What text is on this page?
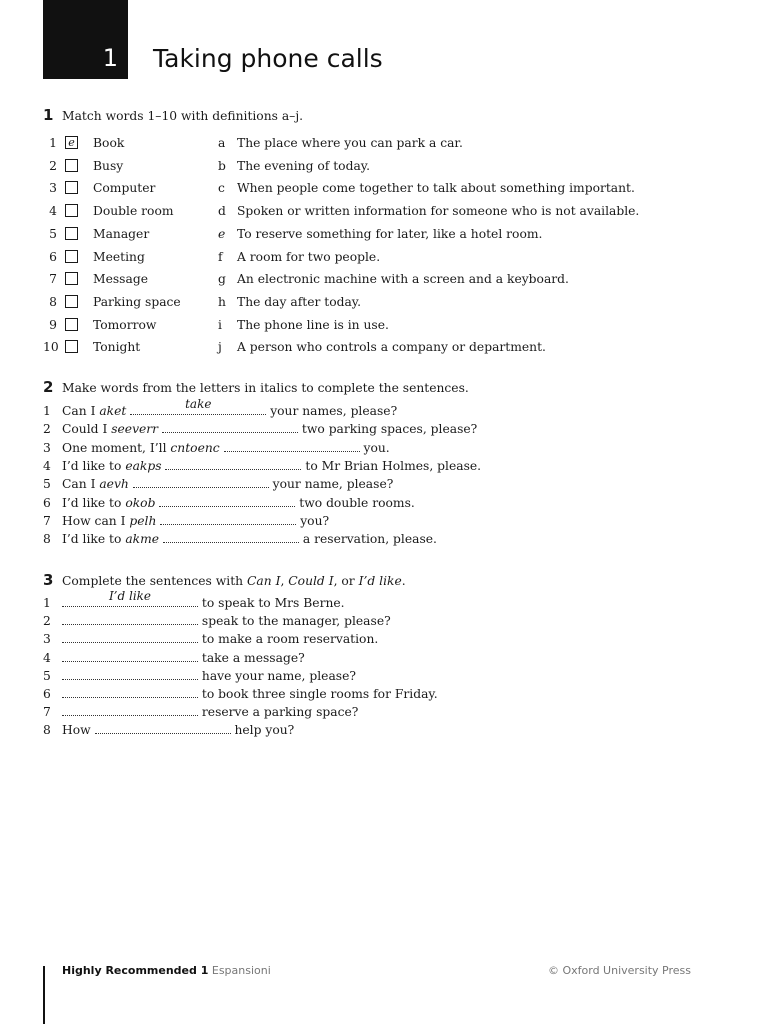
1	Taking phone calls
1 Match words 1–10 with definitions a–j.
1 e Book	a The place where you can park a car.
2	Busy	b The evening of today.
3	Computer	c When people come together to talk about something important.
4	Double room	d Spoken or written information for someone who is not available.
5	Manager	e To reserve something for later, like a hotel room.
6	Meeting	f A room for two people.
7	Message	g An electronic machine with a screen and a keyboard.
8	Parking space	h The day after today.
9	Tomorrow	i The phone line is in use.
10	Tonight	j A person who controls a company or department.
2 Make words from the letters in italics to complete the sentences.
1 Can I aket	take	your names, please?
2 Could I seeverr	two parking spaces, please?
3 One moment, I’ll cntoenc	you.
4 I’d like to eakps	to Mr Brian Holmes, please.
5 Can I aevh	your name, please?
6 I’d like to okob	two double rooms.
7 How can I pelh	you?
8 I’d like to akme	a reservation, please.
3 Complete the sentences with Can I, Could I, or I’d like.
1	I’d like	to speak to Mrs Berne.
2	speak to the manager, please?
3	to make a room reservation.
4	take a message?
5	have your name, please?
6	to book three single rooms for Friday.
7	reserve a parking space?
8 How	help you?
Highly Recommended 1 Espansioni	© Oxford University Press
